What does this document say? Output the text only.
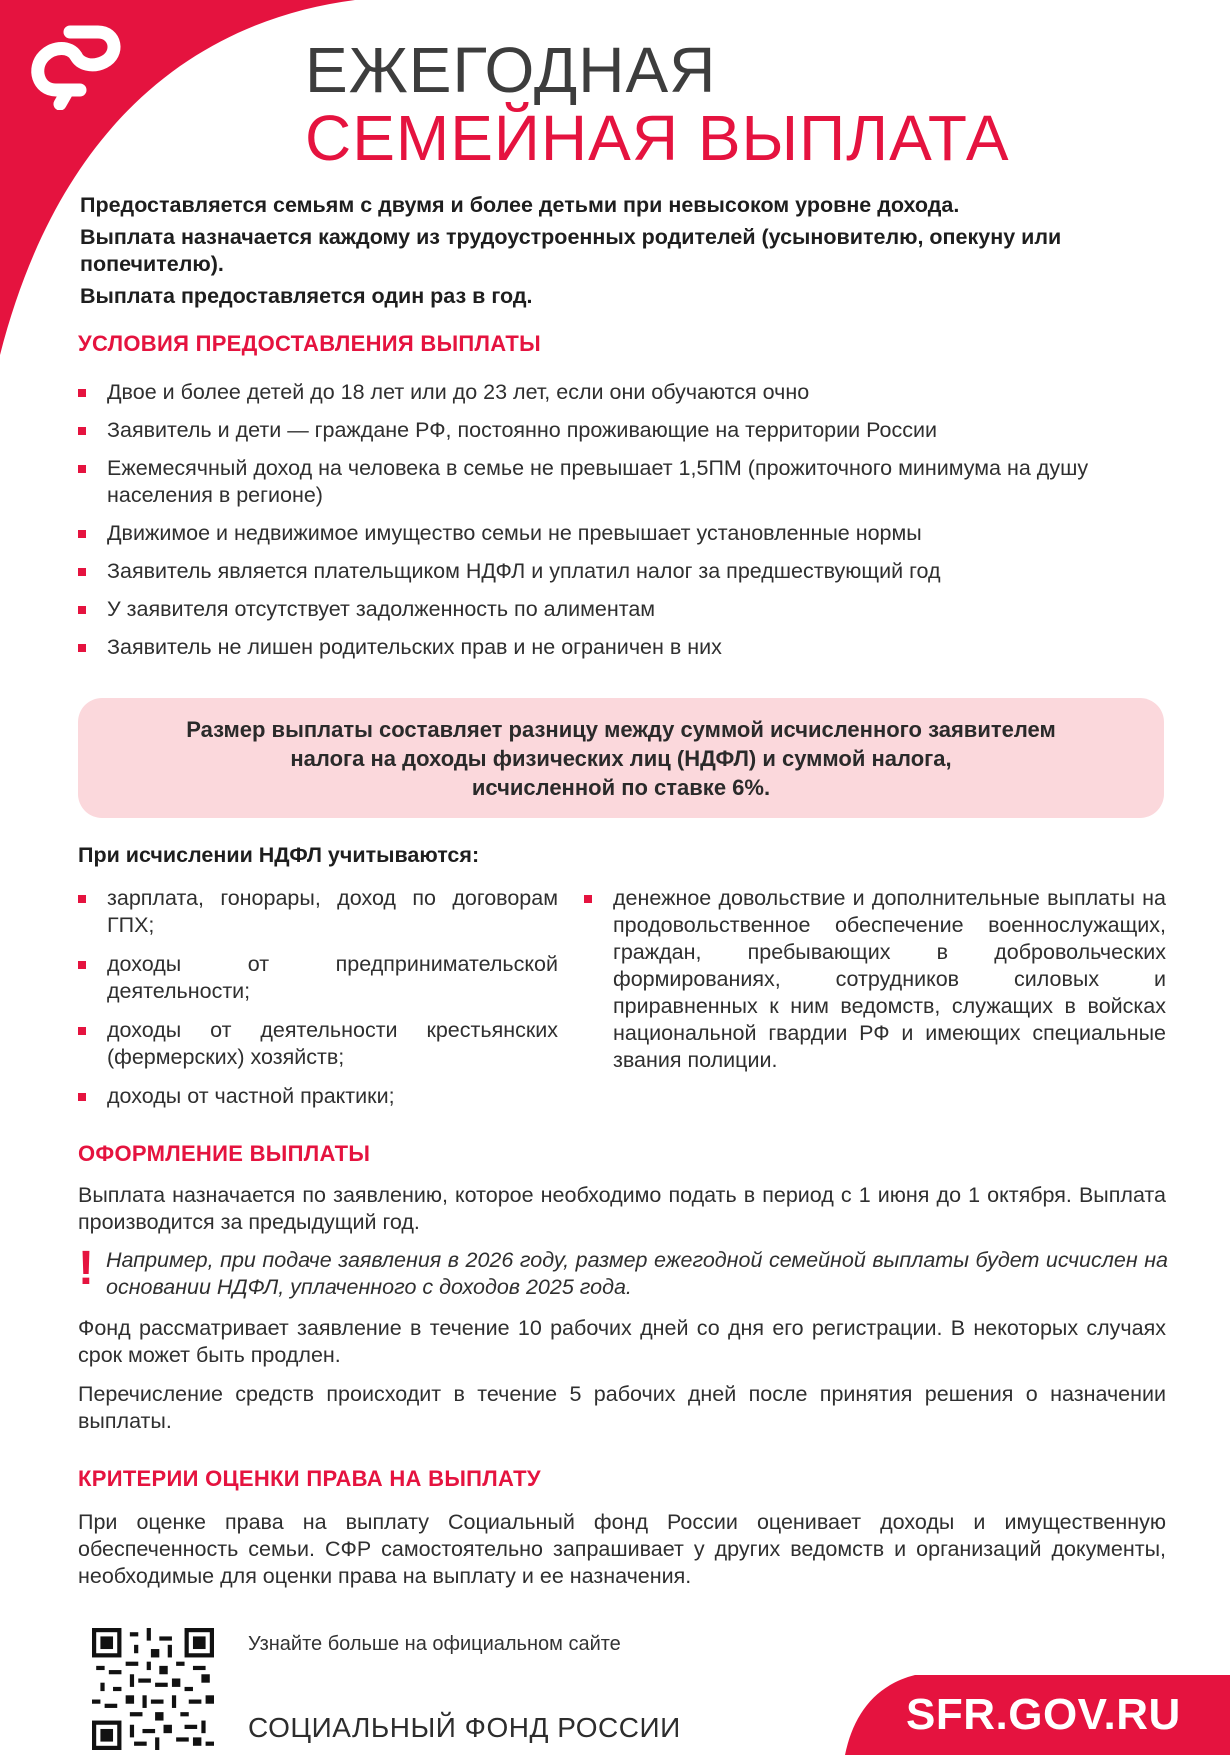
ЕЖЕГОДНАЯ
СЕМЕЙНАЯ ВЫПЛАТА

Предоставляется семьям с двумя и более детьми при невысоком уровне дохода.

Выплата назначается каждому из трудоустроенных родителей (усыновителю, опекуну или попечителю).

Выплата предоставляется один раз в год.

УСЛОВИЯ ПРЕДОСТАВЛЕНИЯ ВЫПЛАТЫ
Двое и более детей до 18 лет или до 23 лет, если они обучаются очно
Заявитель и дети — граждане РФ, постоянно проживающие на территории России
Ежемесячный доход на человека в семье не превышает 1,5ПМ (прожиточного минимума на душу населения в регионе)
Движимое и недвижимое имущество семьи не превышает установленные нормы
Заявитель является плательщиком НДФЛ и уплатил налог за предшествующий год
У заявителя отсутствует задолженность по алиментам
Заявитель не лишен родительских прав и не ограничен в них
Размер выплаты составляет разницу между суммой исчисленного заявителем
налога на доходы физических лиц (НДФЛ) и суммой налога,
исчисленной по ставке 6%.
При исчислении НДФЛ учитываются:
зарплата, гонорары, доход по договорам ГПХ;
доходы от предпринимательской деятельности;
доходы от деятельности крестьянских (фермерских) хозяйств;
доходы от частной практики;
денежное довольствие и дополнительные выплаты на продовольственное обеспечение военнослужащих, граждан, пребывающих в добровольческих формированиях, сотрудников силовых и приравненных к ним ведомств, служащих в войсках национальной гвардии РФ и имеющих специальные звания полиции.
ОФОРМЛЕНИЕ ВЫПЛАТЫ
Выплата назначается по заявлению, которое необходимо подать в период с 1 июня до 1 октября. Выплата производится за предыдущий год.
! Например, при подаче заявления в 2026 году, размер ежегодной семейной выплаты будет исчислен на основании НДФЛ, уплаченного с доходов 2025 года.
Фонд рассматривает заявление в течение 10 рабочих дней со дня его регистрации. В некоторых случаях срок может быть продлен.
Перечисление средств происходит в течение 5 рабочих дней после принятия решения о назначении выплаты.
КРИТЕРИИ ОЦЕНКИ ПРАВА НА ВЫПЛАТУ
При оценке права на выплату Социальный фонд России оценивает доходы и имущественную обеспеченность семьи. СФР самостоятельно запрашивает у других ведомств и организаций документы, необходимые для оценки права на выплату и ее назначения.
Узнайте больше на официальном сайте
СОЦИАЛЬНЫЙ ФОНД РОССИИ	SFR.GOV.RU
